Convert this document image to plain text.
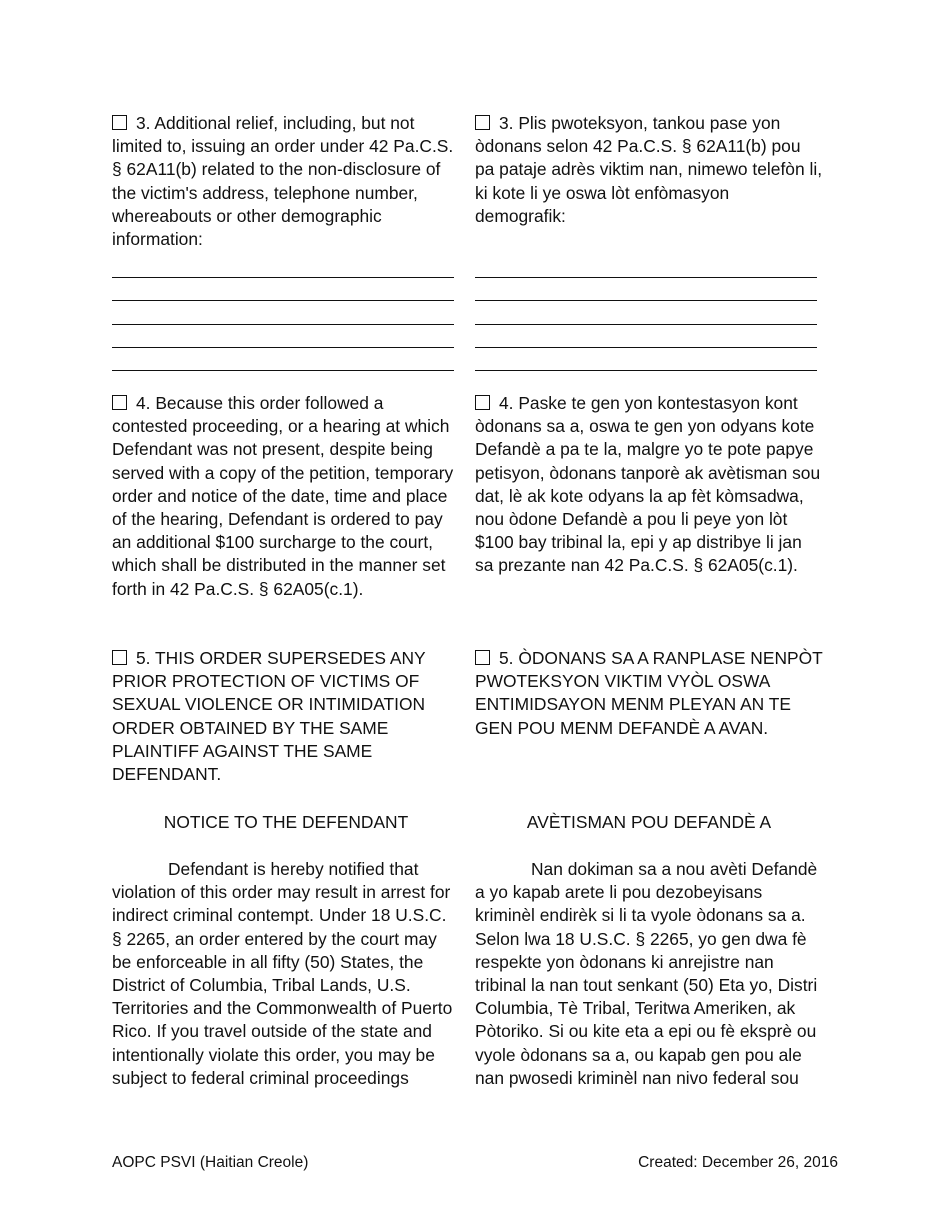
3. Additional relief, including, but not limited to, issuing an order under 42 Pa.C.S. § 62A11(b) related to the non-disclosure of the victim's address, telephone number, whereabouts or other demographic information:
4. Because this order followed a contested proceeding, or a hearing at which Defendant was not present, despite being served with a copy of the petition, temporary order and notice of the date, time and place of the hearing, Defendant is ordered to pay an additional $100 surcharge to the court, which shall be distributed in the manner set forth in 42 Pa.C.S. § 62A05(c.1).
5. THIS ORDER SUPERSEDES ANY PRIOR PROTECTION OF VICTIMS OF SEXUAL VIOLENCE OR INTIMIDATION ORDER OBTAINED BY THE SAME PLAINTIFF AGAINST THE SAME DEFENDANT.
NOTICE TO THE DEFENDANT
Defendant is hereby notified that violation of this order may result in arrest for indirect criminal contempt. Under 18 U.S.C. § 2265, an order entered by the court may be enforceable in all fifty (50) States, the District of Columbia, Tribal Lands, U.S. Territories and the Commonwealth of Puerto Rico. If you travel outside of the state and intentionally violate this order, you may be subject to federal criminal proceedings
3. Plis pwoteksyon, tankou pase yon òdonans selon 42 Pa.C.S. § 62A11(b) pou pa pataje adrès viktim nan, nimewo telefòn li, ki kote li ye oswa lòt enfòmasyon demografik:
4. Paske te gen yon kontestasyon kont òdonans sa a, oswa te gen yon odyans kote Defandè a pa te la, malgre yo te pote papye petisyon, òdonans tanporè ak avètisman sou dat, lè ak kote odyans la ap fèt kòmsadwa, nou òdone Defandè a pou li peye yon lòt $100 bay tribinal la, epi y ap distribye li jan sa prezante nan 42 Pa.C.S. § 62A05(c.1).
5. ÒDONANS SA A RANPLASE NENPÒT PWOTEKSYON VIKTIM VYÒL OSWA ENTIMIDSAYON MENM PLEYAN AN TE GEN POU MENM DEFANDÈ A AVAN.
AVÈTISMAN POU DEFANDÈ A
Nan dokiman sa a nou avèti Defandè a yo kapab arete li pou dezobeyisans kriminèl endirèk si li ta vyole òdonans sa a. Selon lwa 18 U.S.C. § 2265, yo gen dwa fè respekte yon òdonans ki anrejistre nan tribinal la nan tout senkant (50) Eta yo, Distri Columbia, Tè Tribal, Teritwa Ameriken, ak Pòtoriko. Si ou kite eta a epi ou fè eksprè ou vyole òdonans sa a, ou kapab gen pou ale nan pwosedi kriminèl nan nivo federal sou
AOPC PSVI (Haitian Creole)	Created: December 26, 2016
